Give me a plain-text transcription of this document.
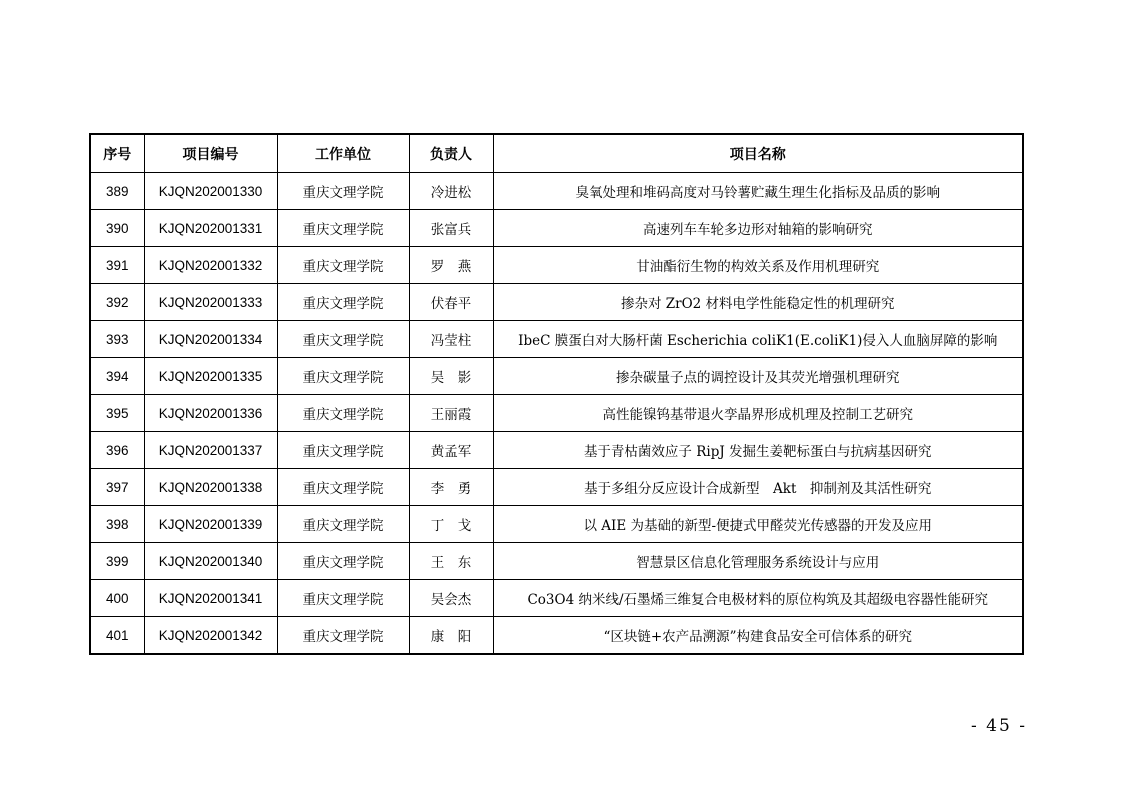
序号	项目编号	工作单位	负责人	项目名称
389	KJQN202001330	重庆文理学院	冷进松	臭氧处理和堆码高度对马铃薯贮藏生理生化指标及品质的影响
390	KJQN202001331	重庆文理学院	张富兵	高速列车车轮多边形对轴箱的影响研究
391	KJQN202001332	重庆文理学院	罗　燕	甘油酯衍生物的构效关系及作用机理研究
392	KJQN202001333	重庆文理学院	伏春平	掺杂对 ZrO2 材料电学性能稳定性的机理研究
393	KJQN202001334	重庆文理学院	冯莹柱	IbeC 膜蛋白对大肠杆菌 Escherichia coliK1(E.coliK1)侵入人血脑屏障的影响
394	KJQN202001335	重庆文理学院	吴　影	掺杂碳量子点的调控设计及其荧光增强机理研究
395	KJQN202001336	重庆文理学院	王丽霞	高性能镍钨基带退火孪晶界形成机理及控制工艺研究
396	KJQN202001337	重庆文理学院	黄孟军	基于青枯菌效应子 RipJ 发掘生姜靶标蛋白与抗病基因研究
397	KJQN202001338	重庆文理学院	李　勇	基于多组分反应设计合成新型　Akt　抑制剂及其活性研究
398	KJQN202001339	重庆文理学院	丁　戈	以 AIE 为基础的新型-便捷式甲醛荧光传感器的开发及应用
399	KJQN202001340	重庆文理学院	王　东	智慧景区信息化管理服务系统设计与应用
400	KJQN202001341	重庆文理学院	吴会杰	Co3O4 纳米线/石墨烯三维复合电极材料的原位构筑及其超级电容器性能研究
401	KJQN202001342	重庆文理学院	康　阳	“区块链+农产品溯源”构建食品安全可信体系的研究
- 45 -
